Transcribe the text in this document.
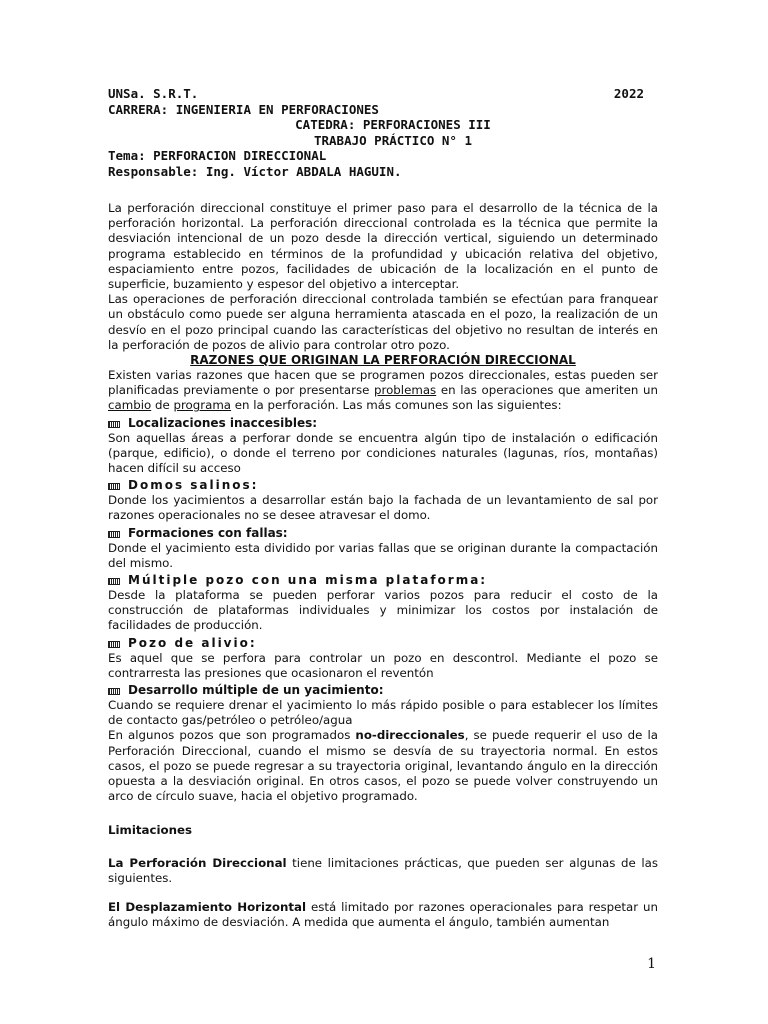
UNSa. S.R.T.	2022
CARRERA: INGENIERIA EN PERFORACIONES
CATEDRA: PERFORACIONES III
TRABAJO PRÁCTICO N° 1
Tema: PERFORACION DIRECCIONAL
Responsable: Ing. Víctor ABDALA HAGUIN.

La perforación direccional constituye el primer paso para el desarrollo de la técnica de la perforación horizontal. La perforación direccional controlada es la técnica que permite la desviación intencional de un pozo desde la dirección vertical, siguiendo un determinado programa establecido en términos de la profundidad y ubicación relativa del objetivo, espaciamiento entre pozos, facilidades de ubicación de la localización en el punto de superficie, buzamiento y espesor del objetivo a interceptar.

Las operaciones de perforación direccional controlada también se efectúan para franquear un obstáculo como puede ser alguna herramienta atascada en el pozo, la realización de un desvío en el pozo principal cuando las características del objetivo no resultan de interés en la perforación de pozos de alivio para controlar otro pozo.

RAZONES QUE ORIGINAN LA PERFORACIÓN DIRECCIONAL

Existen varias razones que hacen que se programen pozos direccionales, estas pueden ser planificadas previamente o por presentarse problemas en las operaciones que ameriten un cambio de programa en la perforación. Las más comunes son las siguientes:

Localizaciones inaccesibles:

Son aquellas áreas a perforar donde se encuentra algún tipo de instalación o edificación (parque, edificio), o donde el terreno por condiciones naturales (lagunas, ríos, montañas) hacen difícil su acceso

Domos salinos:

Donde los yacimientos a desarrollar están bajo la fachada de un levantamiento de sal por razones operacionales no se desee atravesar el domo.

Formaciones con fallas:

Donde el yacimiento esta dividido por varias fallas que se originan durante la compactación del mismo.

Múltiple pozo con una misma plataforma:

Desde la plataforma se pueden perforar varios pozos para reducir el costo de la construcción de plataformas individuales y minimizar los costos por instalación de facilidades de producción.

Pozo de alivio:

Es aquel que se perfora para controlar un pozo en descontrol. Mediante el pozo se contrarresta las presiones que ocasionaron el reventón

Desarrollo múltiple de un yacimiento:

Cuando se requiere drenar el yacimiento lo más rápido posible o para establecer los límites de contacto gas/petróleo o petróleo/agua

En algunos pozos que son programados no-direccionales, se puede requerir el uso de la Perforación Direccional, cuando el mismo se desvía de su trayectoria normal. En estos casos, el pozo se puede regresar a su trayectoria original, levantando ángulo en la dirección opuesta a la desviación original. En otros casos, el pozo se puede volver construyendo un arco de círculo suave, hacia el objetivo programado.

Limitaciones

La Perforación Direccional tiene limitaciones prácticas, que pueden ser algunas de las siguientes.

El Desplazamiento Horizontal está limitado por razones operacionales para respetar un ángulo máximo de desviación. A medida que aumenta el ángulo, también aumentan

1
